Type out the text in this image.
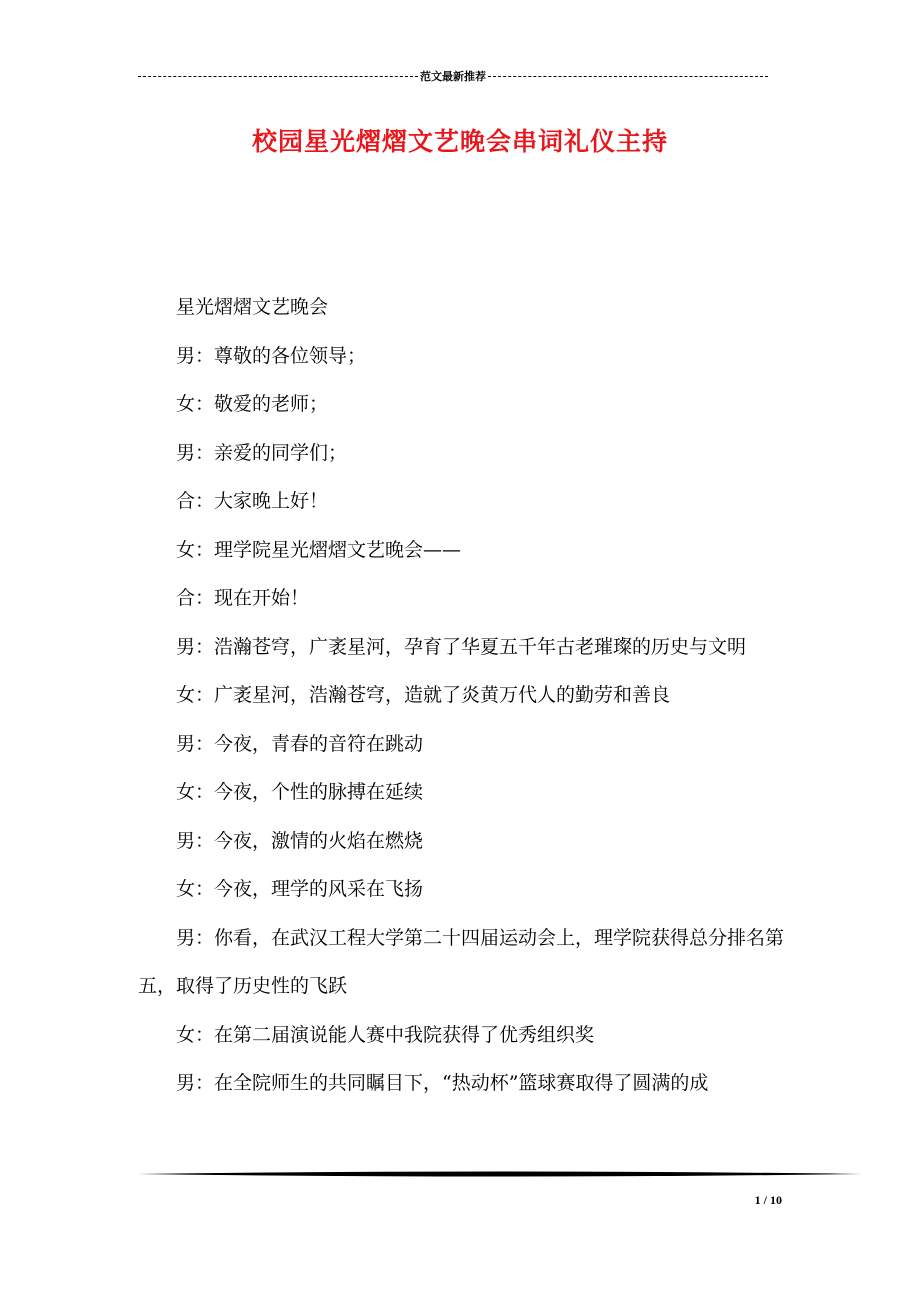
范文最新推荐
校园星光熠熠文艺晚会串词礼仪主持

星光熠熠文艺晚会

男：尊敬的各位领导；

女：敬爱的老师；

男：亲爱的同学们；

合：大家晚上好！

女：理学院星光熠熠文艺晚会——

合：现在开始！

男：浩瀚苍穹，广袤星河，孕育了华夏五千年古老璀璨的历史与文明

女：广袤星河，浩瀚苍穹，造就了炎黄万代人的勤劳和善良

男：今夜，青春的音符在跳动

女：今夜，个性的脉搏在延续

男：今夜，激情的火焰在燃烧

女：今夜，理学的风采在飞扬

男：你看，在武汉工程大学第二十四届运动会上，理学院获得总分排名第五，取得了历史性的飞跃

女：在第二届演说能人赛中我院获得了优秀组织奖

男：在全院师生的共同瞩目下，“热动杯”篮球赛取得了圆满的成

1 / 10
